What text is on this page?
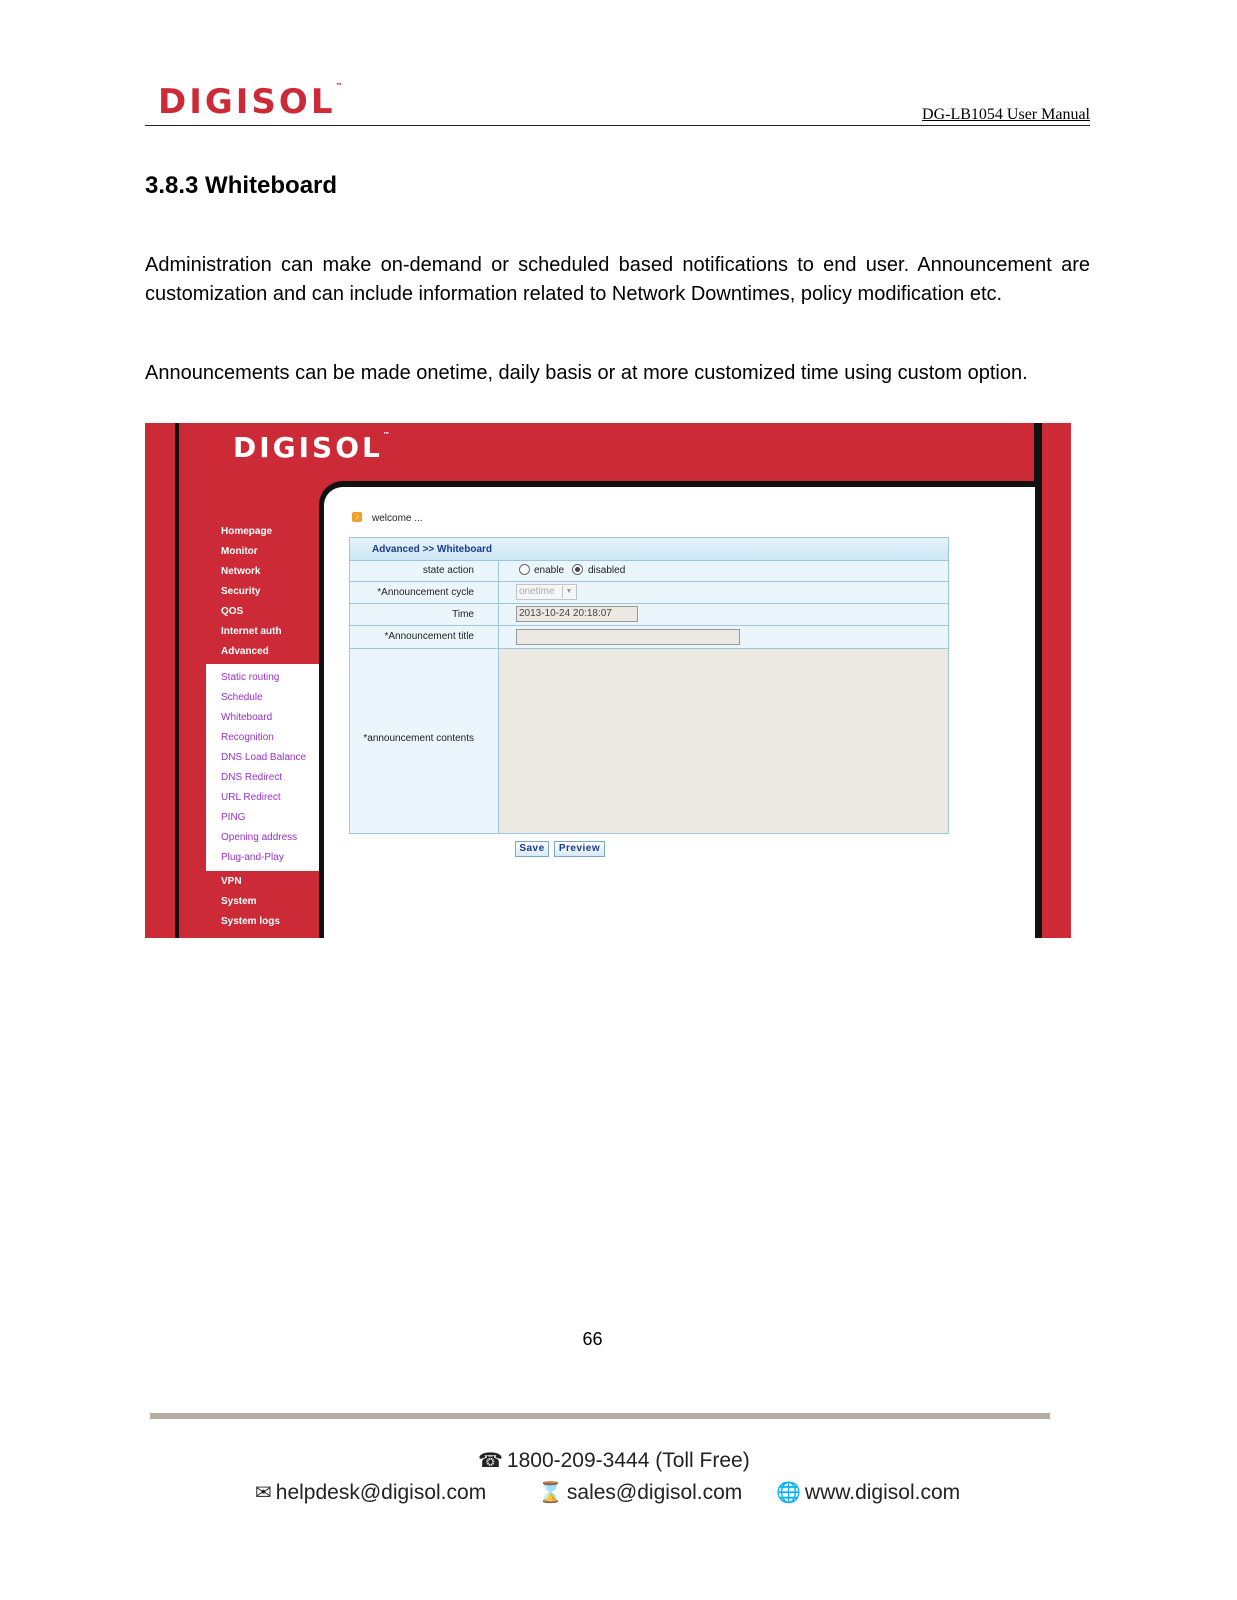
DIGISOL™
DG-LB1054 User Manual
3.8.3 Whiteboard
Administration can make on-demand or scheduled based notifications to end user. Announcement are customization and can include information related to Network Downtimes, policy modification etc.
Announcements can be made onetime, daily basis or at more customized time using custom option.
DIGISOL™
Homepage
Monitor
Network
Security
QOS
Internet auth
Advanced
Static routing
Schedule
Whiteboard
Recognition
DNS Load Balance
DNS Redirect
URL Redirect
PING
Opening address
Plug-and-Play
VPN
System
System logs
♪	welcome ...
Advanced >> Whiteboard
state action	enable disabled
*Announcement cycle	onetime	▼
Time	2013-10-24 20:18:07
*Announcement title
*announcement contents
Save	Preview
66
☎ 1800-209-3444 (Toll Free)
✉ helpdesk@digisol.com	⌛ sales@digisol.com 🌐 www.digisol.com
